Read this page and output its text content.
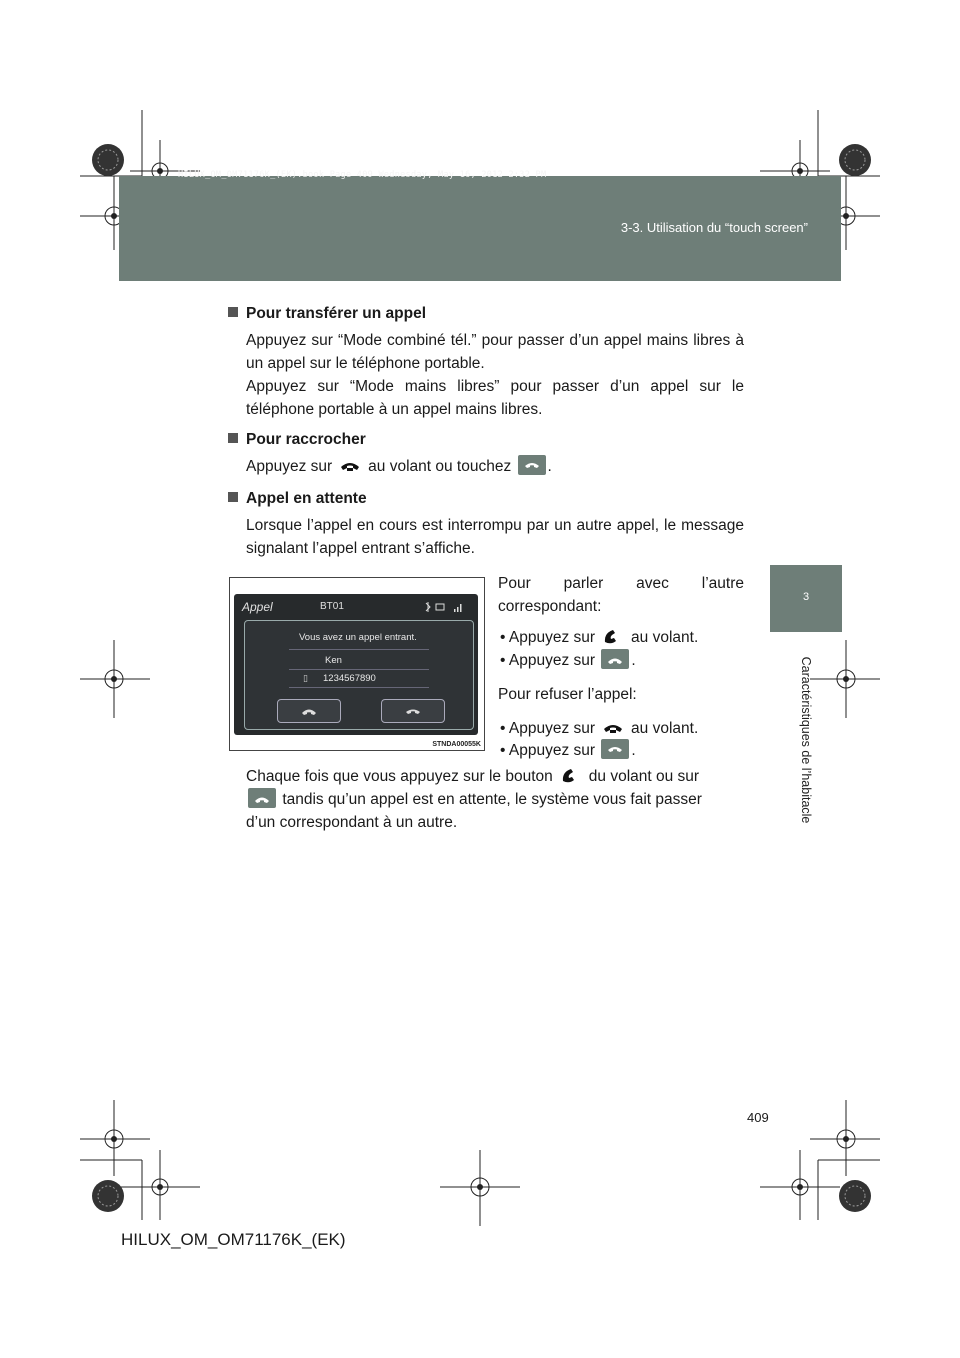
HILUX_OM_OM71176K_(EK).book Page 409 Wednesday, May 16, 2012 2:32 PM
3-3. Utilisation du “touch screen”
3
Caractéristiques de l’habitacle
Pour transférer un appel
Appuyez sur “Mode combiné tél.” pour passer d’un appel mains libres à un appel sur le téléphone portable.
Appuyez sur “Mode mains libres” pour passer d’un appel sur le téléphone portable à un appel mains libres.
Pour raccrocher
Appuyez sur au volant ou touchez .
Appel en attente
Lorsque l’appel en cours est interrompu par un autre appel, le message signalant l’appel entrant s’affiche.
Appel	BT01
Vous avez un appel entrant.
Ken
▯ 1234567890
STNDA00055K
Pour parler avec l’autre correspondant:
• Appuyez sur au volant.
• Appuyez sur .
Pour refuser l’appel:
• Appuyez sur au volant.
• Appuyez sur .
Chaque fois que vous appuyez sur le bouton du volant ou sur
tandis qu’un appel est en attente, le système vous fait passer
d’un correspondant à un autre.
409
HILUX_OM_OM71176K_(EK)
